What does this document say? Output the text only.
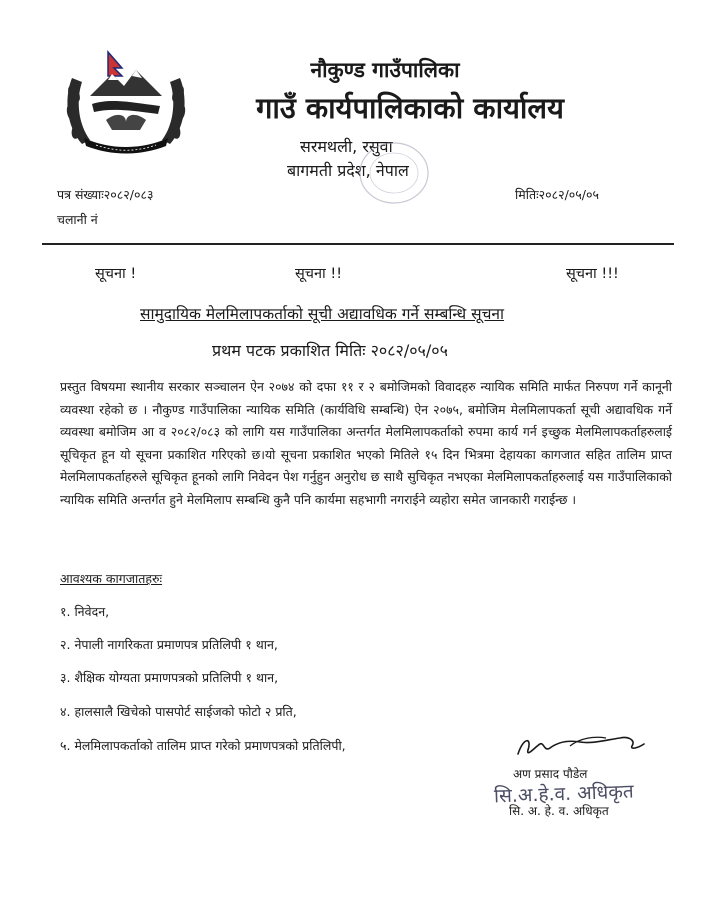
नौकुण्ड गाउँपालिका
गाउँ कार्यपालिकाको कार्यालय
सरमथली, रसुवा
बागमती प्रदेश, नेपाल
पत्र संख्याः२०८२/०८३
चलानी नं
मितिः२०८२/०५/०५
सूचना !	सूचना !!	सूचना !!!
सामुदायिक मेलमिलापकर्ताको सूची अद्यावधिक गर्ने सम्बन्धि सूचना
प्रथम पटक प्रकाशित मितिः २०८२/०५/०५
प्रस्तुत विषयमा स्थानीय सरकार सञ्चालन ऐन २०७४ को दफा ११ र २ बमोजिमको विवादहरु न्यायिक समिति मार्फत निरुपण गर्ने कानूनी व्यवस्था रहेको छ । नौकुण्ड गाउँपालिका न्यायिक समिति (कार्यविधि सम्बन्धि) ऐन २०७५, बमोजिम मेलमिलापकर्ता सूची अद्यावधिक गर्ने व्यवस्था बमोजिम आ व २०८२/०८३ को लागि यस गाउँपालिका अन्तर्गत मेलमिलापकर्ताको रुपमा कार्य गर्न इच्छुक मेलमिलापकर्ताहरुलाई सूचिकृत हून यो सूचना प्रकाशित गरिएको छ।यो सूचना प्रकाशित भएको मितिले १५ दिन भित्रमा देहायका कागजात सहित तालिम प्राप्त मेलमिलापकर्ताहरुले सूचिकृत हूनको लागि निवेदन पेश गर्नुहुन अनुरोध छ साथै सुचिकृत नभएका मेलमिलापकर्ताहरुलाई यस गाउँपालिकाको न्यायिक समिति अन्तर्गत हुने मेलमिलाप सम्बन्धि कुनै पनि कार्यमा सहभागी नगराईने व्यहोरा समेत जानकारी गराईन्छ ।
आवश्यक कागजातहरुः
१. निवेदन,
२. नेपाली नागरिकता प्रमाणपत्र प्रतिलिपी १ थान,
३. शैक्षिक योग्यता प्रमाणपत्रको प्रतिलिपी १ थान,
४. हालसालै खिचेको पासपोर्ट साईजको फोटो २ प्रति,
५. मेलमिलापकर्ताको तालिम प्राप्त गरेको प्रमाणपत्रको प्रतिलिपी,
अण प्रसाद पौडेल
सि.अ.हे.व. अधिकृत
सि. अ. हे. व. अधिकृत
